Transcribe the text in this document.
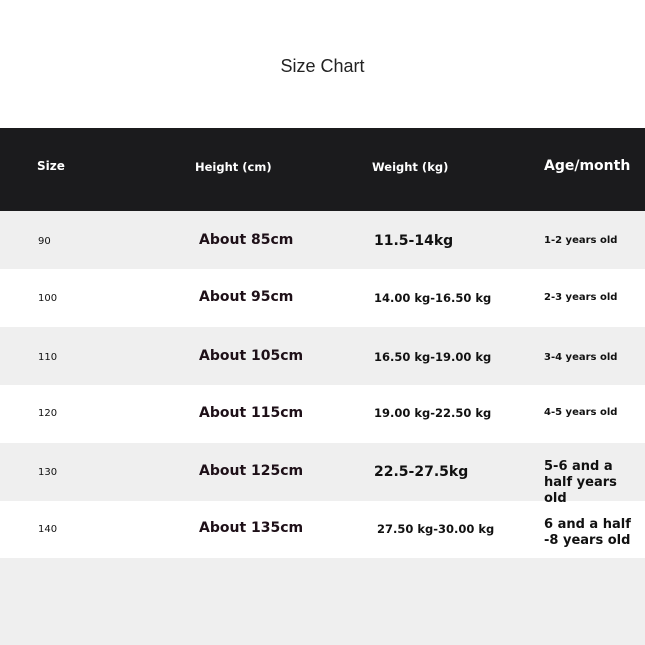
Size Chart
Size	Height (cm)	Weight (kg)	Age/month
90	About 85cm	11.5-14kg	1-2 years old
100	About 95cm	14.00 kg-16.50 kg	2-3 years old
110	About 105cm	16.50 kg-19.00 kg	3-4 years old
120	About 115cm	19.00 kg-22.50 kg	4-5 years old
130	About 125cm	22.5-27.5kg	5-6 and a half years old
140	About 135cm	27.50 kg-30.00 kg	6 and a half -8 years old
